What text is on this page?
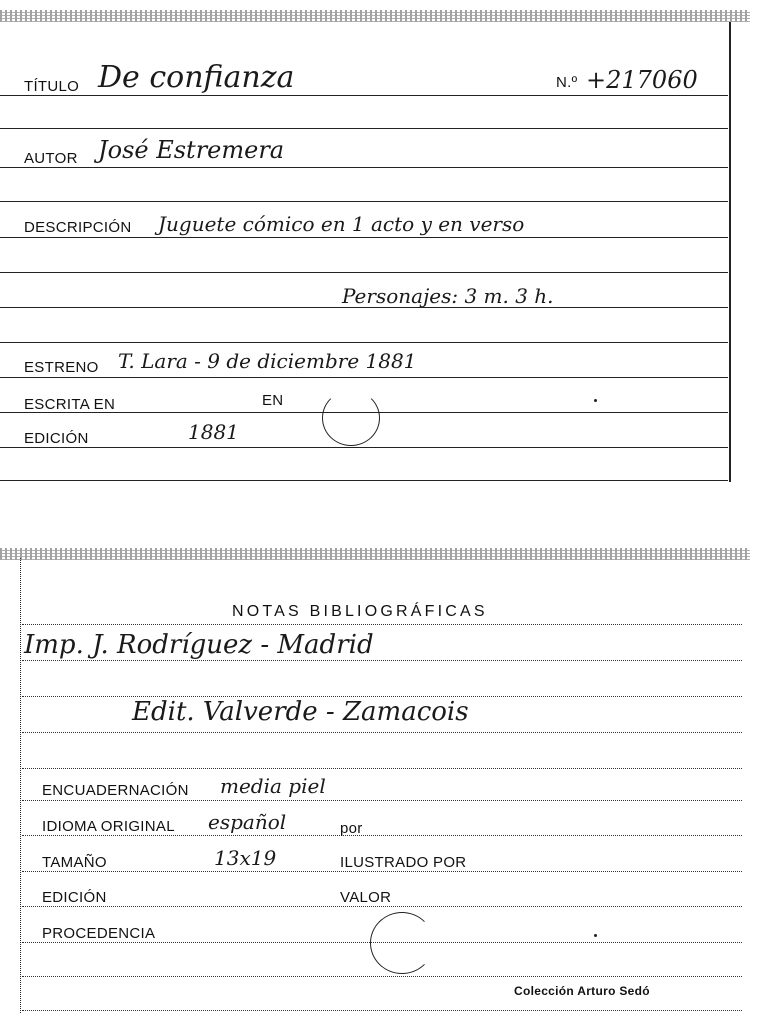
TÍTULO De confianza	N.º +217060
AUTOR José Estremera
DESCRIPCIÓN Juguete cómico en 1 acto y en verso
Personajes: 3 m. 3 h.
ESTRENO T. Lara - 9 de diciembre 1881
ESCRITA EN	EN
EDICIÓN	1881
NOTAS BIBLIOGRÁFICAS
Imp. J. Rodríguez - Madrid
Edit. Valverde - Zamacois
ENCUADERNACIÓN media piel
IDIOMA ORIGINAL español	por
TAMAÑO	13x19	ILUSTRADO POR
EDICIÓN	VALOR
PROCEDENCIA
Colección Arturo Sedó
